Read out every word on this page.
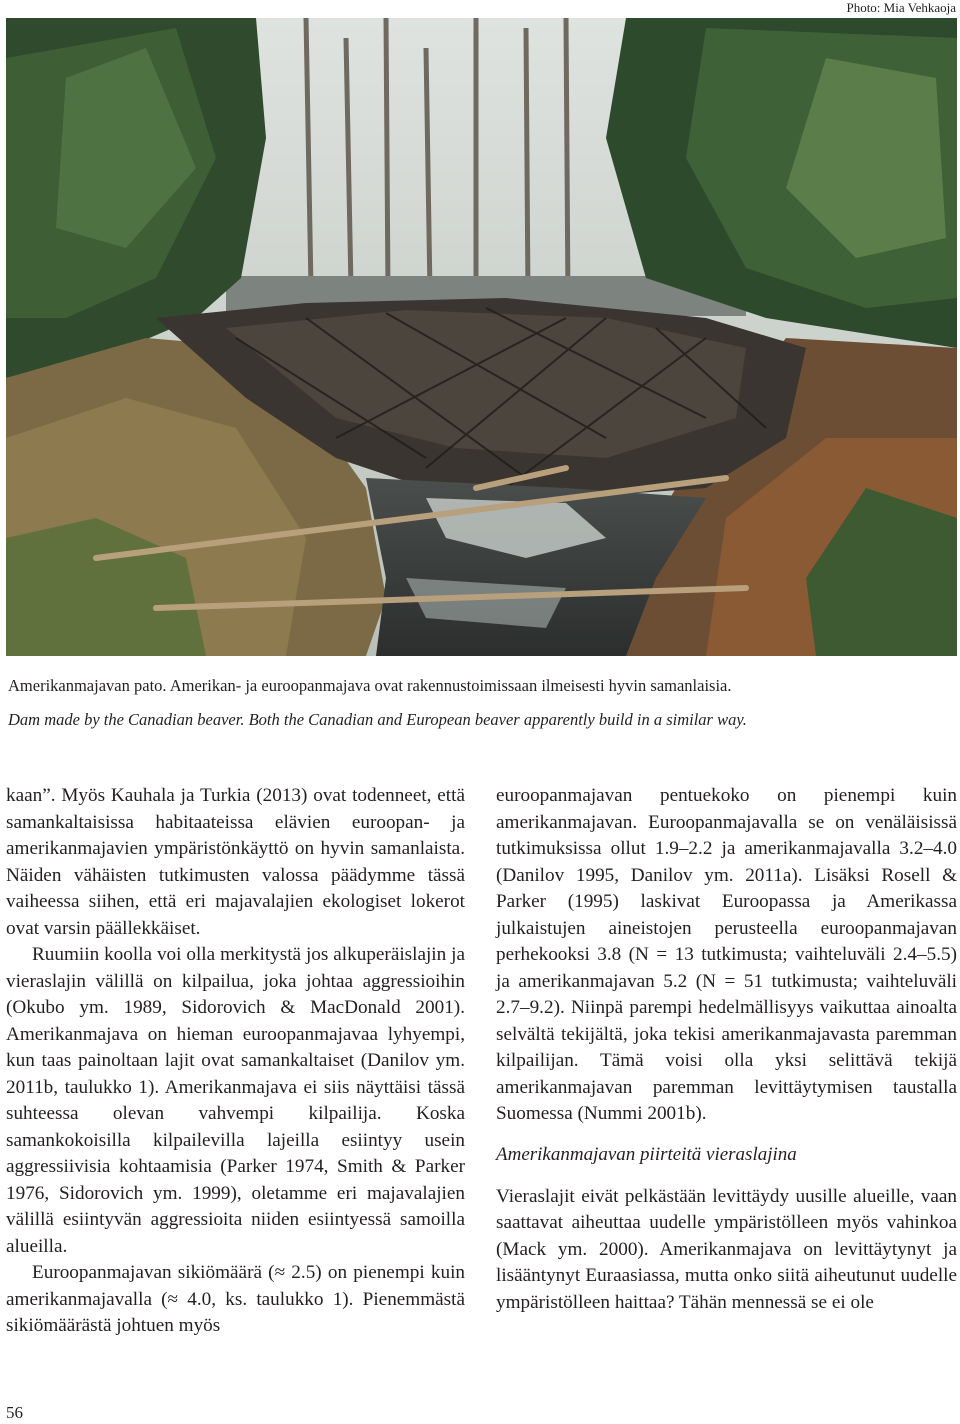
Photo: Mia Vehkaoja
Amerikanmajavan pato. Amerikan- ja euroopanmajava ovat rakennustoimissaan ilmeisesti hyvin samanlaisia.
Dam made by the Canadian beaver. Both the Canadian and European beaver apparently build in a similar way.

kaan”. Myös Kauhala ja Turkia (2013) ovat todenneet, että samankaltaisissa habitaateissa elävien euroopan- ja amerikanmajavien ympäristönkäyttö on hyvin samanlaista. Näiden vähäisten tutkimusten valossa päädymme tässä vaiheessa siihen, että eri majavalajien ekologiset lokerot ovat varsin päällekkäiset.

Ruumiin koolla voi olla merkitystä jos alkuperäislajin ja vieraslajin välillä on kilpailua, joka johtaa aggressioihin (Okubo ym. 1989, Sidorovich & MacDonald 2001). Amerikanmajava on hieman euroopanmajavaa lyhyempi, kun taas painoltaan lajit ovat samankaltaiset (Danilov ym. 2011b, taulukko 1). Amerikanmajava ei siis näyttäisi tässä suhteessa olevan vahvempi kilpailija. Koska samankokoisilla kilpailevilla lajeilla esiintyy usein aggressiivisia kohtaamisia (Parker 1974, Smith & Parker 1976, Sidorovich ym. 1999), oletamme eri majavalajien välillä esiintyvän aggressioita niiden esiintyessä samoilla alueilla.

Euroopanmajavan sikiömäärä (≈ 2.5) on pienempi kuin amerikanmajavalla (≈ 4.0, ks. taulukko 1). Pienemmästä sikiömäärästä johtuen myös

euroopanmajavan pentuekoko on pienempi kuin amerikanmajavan. Euroopanmajavalla se on venäläisissä tutkimuksissa ollut 1.9–2.2 ja amerikanmajavalla 3.2–4.0 (Danilov 1995, Danilov ym. 2011a). Lisäksi Rosell & Parker (1995) laskivat Euroopassa ja Amerikassa julkaistujen aineistojen perusteella euroopanmajavan perhekooksi 3.8 (N = 13 tutkimusta; vaihteluväli 2.4–5.5) ja amerikanmajavan 5.2 (N = 51 tutkimusta; vaihteluväli 2.7–9.2). Niinpä parempi hedelmällisyys vaikuttaa ainoalta selvältä tekijältä, joka tekisi amerikanmajavasta paremman kilpailijan. Tämä voisi olla yksi selittävä tekijä amerikanmajavan paremman levittäytymisen taustalla Suomessa (Nummi 2001b).

Amerikanmajavan piirteitä vieraslajina

Vieraslajit eivät pelkästään levittäydy uusille alueille, vaan saattavat aiheuttaa uudelle ympäristölleen myös vahinkoa (Mack ym. 2000). Amerikanmajava on levittäytynyt ja lisääntynyt Euraasiassa, mutta onko siitä aiheutunut uudelle ympäristölleen haittaa? Tähän mennessä se ei ole

56
